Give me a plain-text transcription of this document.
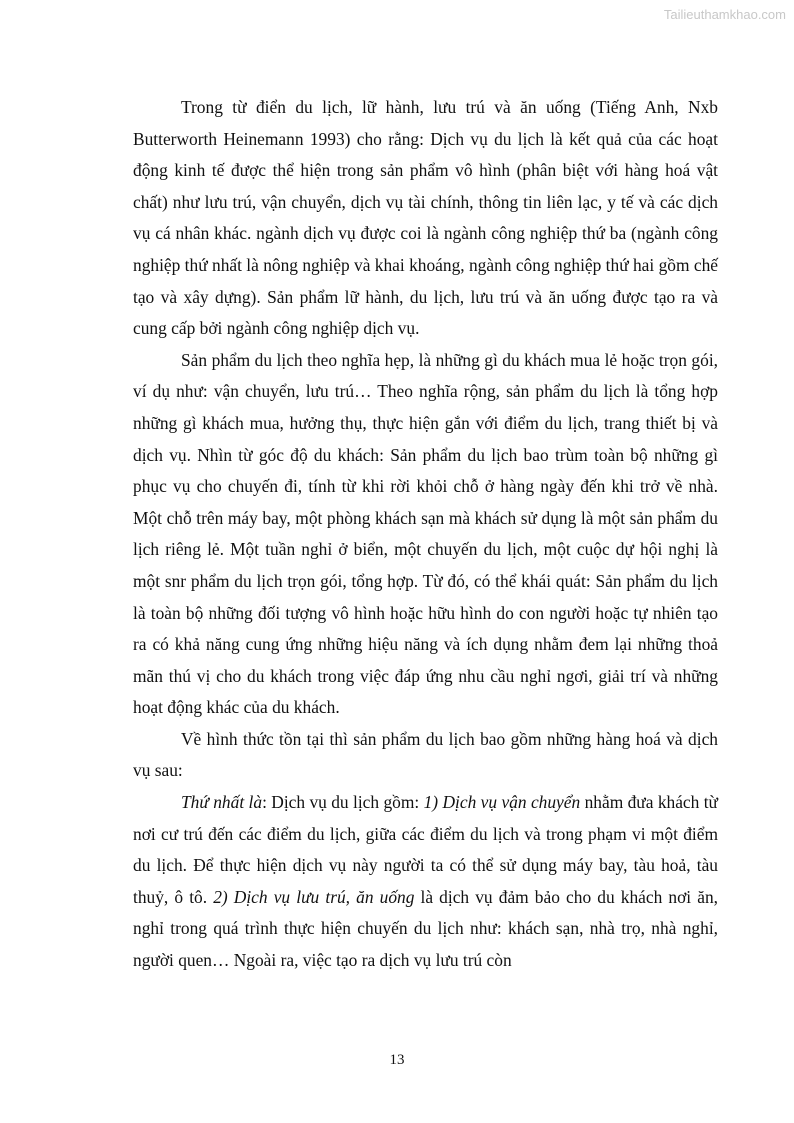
Tailieuthamkhao.com

Trong từ điển du lịch, lữ hành, lưu trú và ăn uống (Tiếng Anh, Nxb Butterworth Heinemann 1993) cho rằng: Dịch vụ du lịch là kết quả của các hoạt động kinh tế được thể hiện trong sản phẩm vô hình (phân biệt với hàng hoá vật chất) như lưu trú, vận chuyển, dịch vụ tài chính, thông tin liên lạc, y tế và các dịch vụ cá nhân khác. ngành dịch vụ được coi là ngành công nghiệp thứ ba (ngành công nghiệp thứ nhất là nông nghiệp và khai khoáng, ngành công nghiệp thứ hai gồm chế tạo và xây dựng). Sản phẩm lữ hành, du lịch, lưu trú và ăn uống được tạo ra và cung cấp bởi ngành công nghiệp dịch vụ.

Sản phẩm du lịch theo nghĩa hẹp, là những gì du khách mua lẻ hoặc trọn gói, ví dụ như: vận chuyển, lưu trú… Theo nghĩa rộng, sản phẩm du lịch là tổng hợp những gì khách mua, hưởng thụ, thực hiện gắn với điểm du lịch, trang thiết bị và dịch vụ. Nhìn từ góc độ du khách: Sản phẩm du lịch bao trùm toàn bộ những gì phục vụ cho chuyến đi, tính từ khi rời khỏi chỗ ở hàng ngày đến khi trở về nhà. Một chỗ trên máy bay, một phòng khách sạn mà khách sử dụng là một sản phẩm du lịch riêng lẻ. Một tuần nghỉ ở biển, một chuyến du lịch, một cuộc dự hội nghị là một snr phẩm du lịch trọn gói, tổng hợp. Từ đó, có thể khái quát: Sản phẩm du lịch là toàn bộ những đối tượng vô hình hoặc hữu hình do con người hoặc tự nhiên tạo ra có khả năng cung ứng những hiệu năng và ích dụng nhằm đem lại những thoả mãn thú vị cho du khách trong việc đáp ứng nhu cầu nghỉ ngơi, giải trí và những hoạt động khác của du khách.

Về hình thức tồn tại thì sản phẩm du lịch bao gồm những hàng hoá và dịch vụ sau:

Thứ nhất là: Dịch vụ du lịch gồm: 1) Dịch vụ vận chuyển nhằm đưa khách từ nơi cư trú đến các điểm du lịch, giữa các điểm du lịch và trong phạm vi một điểm du lịch. Để thực hiện dịch vụ này người ta có thể sử dụng máy bay, tàu hoả, tàu thuỷ, ô tô. 2) Dịch vụ lưu trú, ăn uống là dịch vụ đảm bảo cho du khách nơi ăn, nghỉ trong quá trình thực hiện chuyến du lịch như: khách sạn, nhà trọ, nhà nghỉ, người quen… Ngoài ra, việc tạo ra dịch vụ lưu trú còn

13
